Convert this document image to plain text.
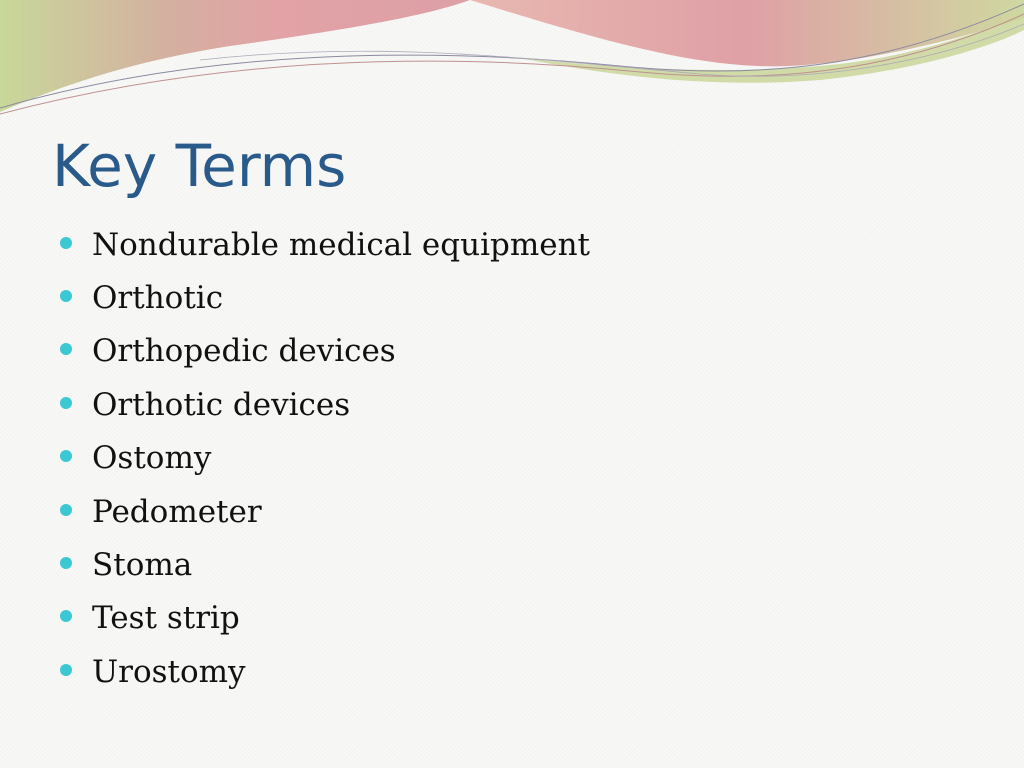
Key Terms
Nondurable medical equipment
Orthotic
Orthopedic devices
Orthotic devices
Ostomy
Pedometer
Stoma
Test strip
Urostomy
